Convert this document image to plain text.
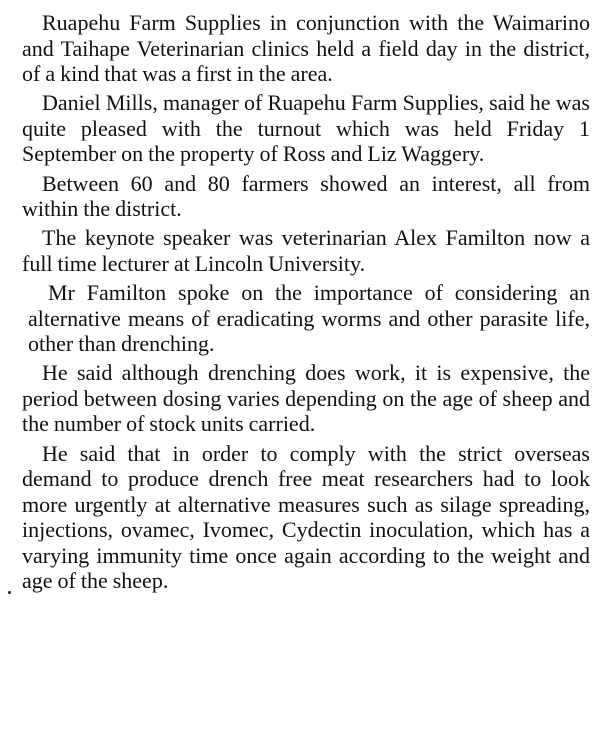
Ruapehu Farm Supplies in conjunction with the Waimarino and Taihape Veterinarian clinics held a field day in the district, of a kind that was a first in the area.

Daniel Mills, manager of Ruapehu Farm Supplies, said he was quite pleased with the turnout which was held Friday 1 September on the property of Ross and Liz Waggery.

Between 60 and 80 farmers showed an interest, all from within the district.

The keynote speaker was veterinarian Alex Familton now a full time lecturer at Lincoln University.

Mr Familton spoke on the importance of considering an alternative means of eradicating worms and other parasite life, other than drenching.

He said although drenching does work, it is expensive, the period between dosing varies depending on the age of sheep and the number of stock units carried.

He said that in order to comply with the strict overseas demand to produce drench free meat researchers had to look more urgently at alternative measures such as silage spreading, injections, ovamec, Ivomec, Cydectin inoculation, which has a varying immunity time once again according to the weight and age of the sheep.
